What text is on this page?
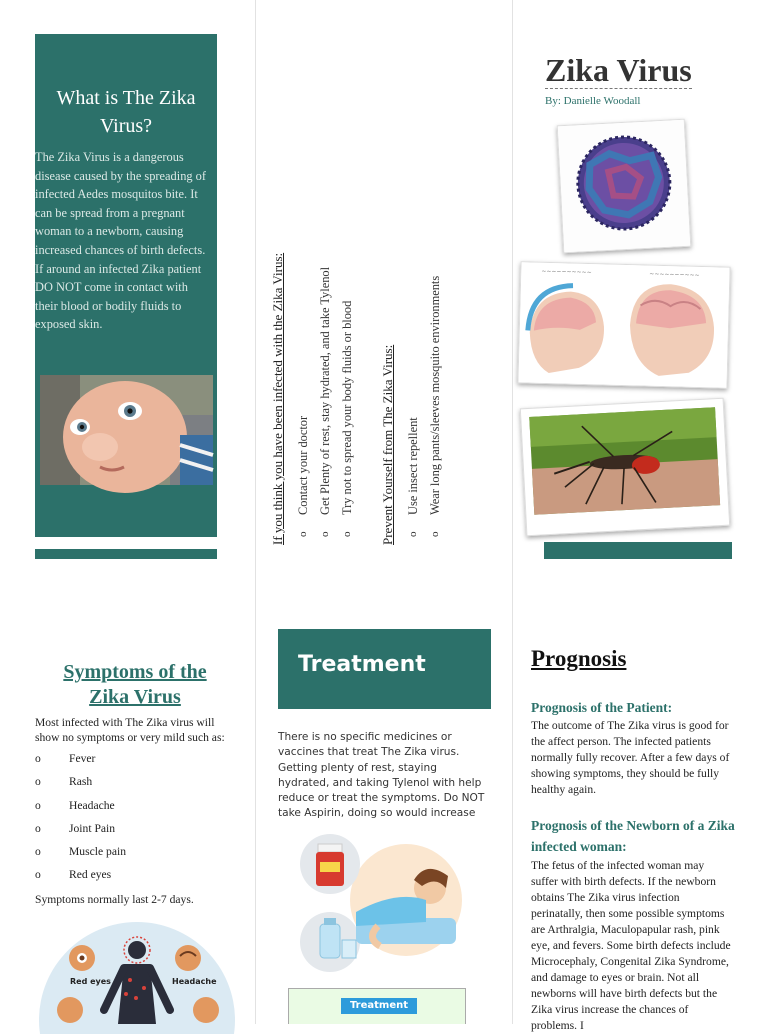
What is The Zika Virus?

The Zika Virus is a dangerous disease caused by the spreading of infected Aedes mosquitos bite. It can be spread from a pregnant woman to a newborn, causing increased chances of birth defects. If around an infected Zika patient DO NOT come in contact with their blood or bodily fluids to exposed skin.	If you think you have been infected with the Zika Virus: o Contact your doctor o Get Plenty of rest, stay hydrated, and take Tylenol o Try not to spread your body fluids or blood	Prevent Yourself from The Zika Virus: o Use insect repellent o Wear long pants/sleeves mosquito environments
Zika Virus
By: Danielle Woodall
~~~~~~~~~~	~~~~~~~~~~
Symptoms of the
Zika Virus

Most infected with The Zika virus will show no symptoms or very mild such as:

o	Fever
o	Rash
o	Headache
o	Joint Pain
o	Muscle pain
o	Red eyes

Symptoms normally last 2-7 days.

Red eyes	Headache
Treatment

There is no specific medicines or vaccines that treat The Zika virus. Getting plenty of rest, staying hydrated, and taking Tylenol with help reduce or treat the symptoms. Do NOT take Aspirin, doing so would increase

Treatment
Prognosis
Prognosis of the Patient:

The outcome of The Zika virus is good for the affect person. The infected patients normally fully recover. After a few days of showing symptoms, they should be fully healthy again.

Prognosis of the Newborn of a Zika infected woman:

The fetus of the infected woman may suffer with birth defects. If the newborn obtains The Zika virus infection perinatally, then some possible symptoms are Arthralgia, Maculopapular rash, pink eye, and fevers. Some birth defects include Microcephaly, Congenital Zika Syndrome, and damage to eyes or brain. Not all newborns will have birth defects but the Zika virus increase the chances of problems. I
